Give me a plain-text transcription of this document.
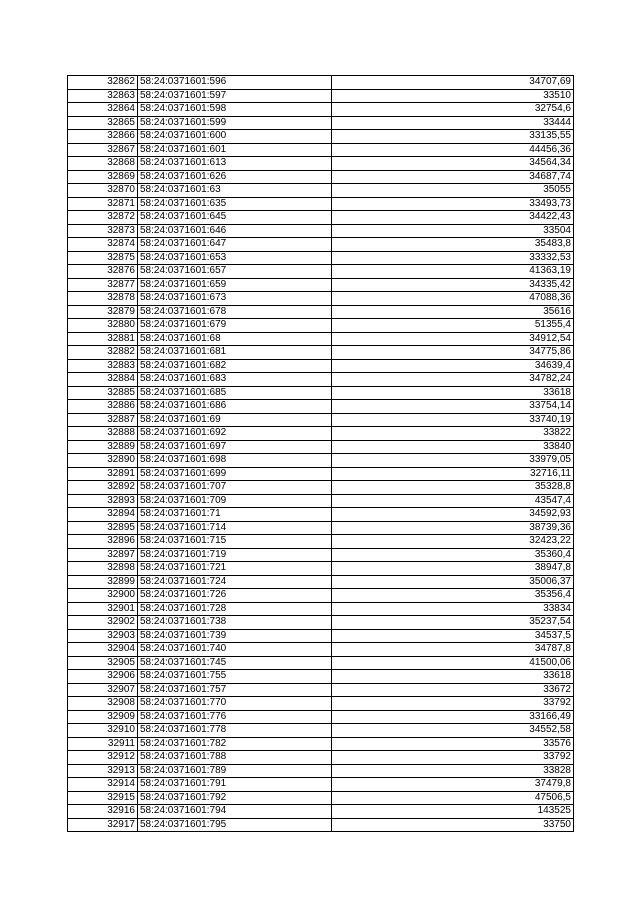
32862	58:24:0371601:596	34707,69
32863	58:24:0371601:597	33510
32864	58:24:0371601:598	32754,6
32865	58:24:0371601:599	33444
32866	58:24:0371601:600	33135,55
32867	58:24:0371601:601	44456,36
32868	58:24:0371601:613	34564,34
32869	58:24:0371601:626	34687,74
32870	58:24:0371601:63	35055
32871	58:24:0371601:635	33493,73
32872	58:24:0371601:645	34422,43
32873	58:24:0371601:646	33504
32874	58:24:0371601:647	35483,8
32875	58:24:0371601:653	33332,53
32876	58:24:0371601:657	41363,19
32877	58:24:0371601:659	34335,42
32878	58:24:0371601:673	47088,36
32879	58:24:0371601:678	35616
32880	58:24:0371601:679	51355,4
32881	58:24:0371601:68	34912,54
32882	58:24:0371601:681	34775,86
32883	58:24:0371601:682	34639,4
32884	58:24:0371601:683	34782,24
32885	58:24:0371601:685	33618
32886	58:24:0371601:686	33754,14
32887	58:24:0371601:69	33740,19
32888	58:24:0371601:692	33822
32889	58:24:0371601:697	33840
32890	58:24:0371601:698	33979,05
32891	58:24:0371601:699	32716,11
32892	58:24:0371601:707	35328,8
32893	58:24:0371601:709	43547,4
32894	58:24:0371601:71	34592,93
32895	58:24:0371601:714	38739,36
32896	58:24:0371601:715	32423,22
32897	58:24:0371601:719	35360,4
32898	58:24:0371601:721	38947,8
32899	58:24:0371601:724	35006,37
32900	58:24:0371601:726	35356,4
32901	58:24:0371601:728	33834
32902	58:24:0371601:738	35237,54
32903	58:24:0371601:739	34537,5
32904	58:24:0371601:740	34787,8
32905	58:24:0371601:745	41500,06
32906	58:24:0371601:755	33618
32907	58:24:0371601:757	33672
32908	58:24:0371601:770	33792
32909	58:24:0371601:776	33166,49
32910	58:24:0371601:778	34552,58
32911	58:24:0371601:782	33576
32912	58:24:0371601:788	33792
32913	58:24:0371601:789	33828
32914	58:24:0371601:791	37479,8
32915	58:24:0371601:792	47506,5
32916	58:24:0371601:794	143525
32917	58:24:0371601:795	33750
